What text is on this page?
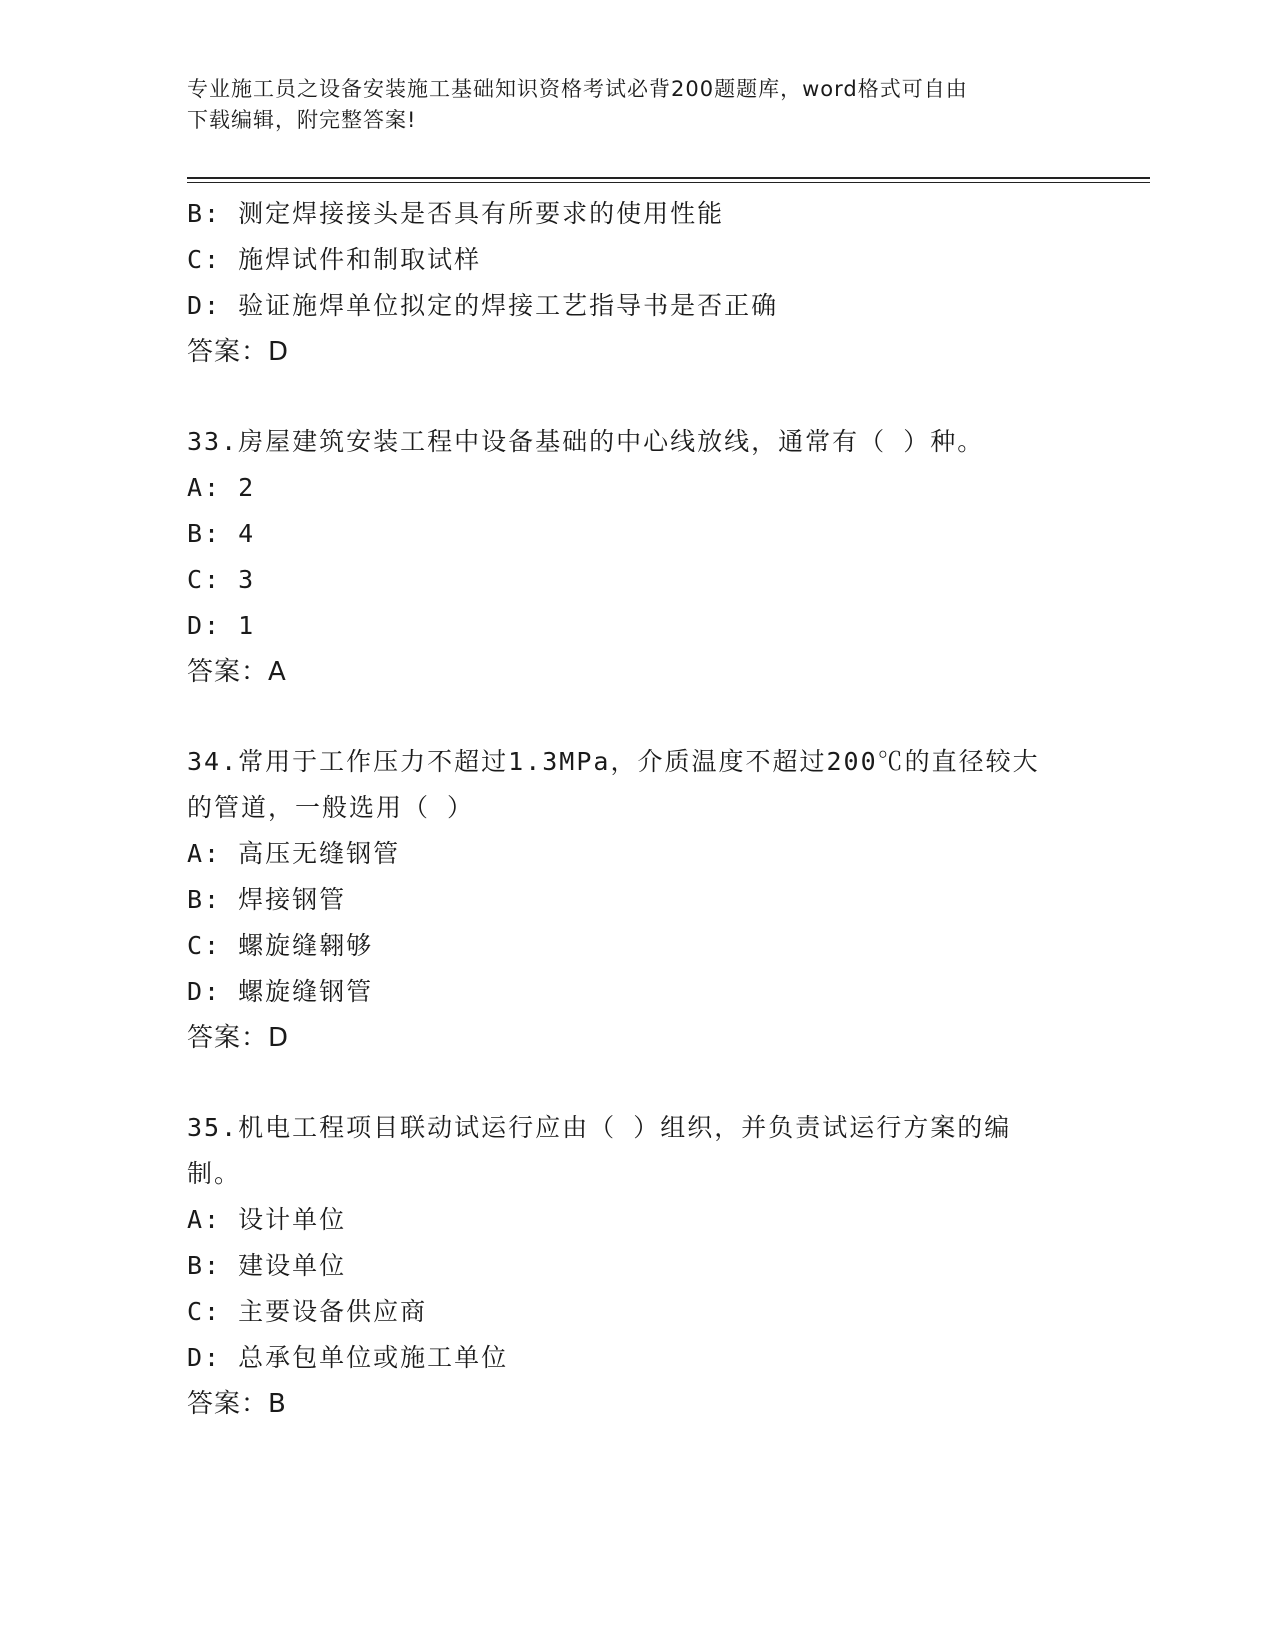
专业施工员之设备安装施工基础知识资格考试必背200题题库，word格式可自由
下载编辑，附完整答案!
B: 测定焊接接头是否具有所要求的使用性能
C: 施焊试件和制取试样
D: 验证施焊单位拟定的焊接工艺指导书是否正确
答案：D
33.房屋建筑安装工程中设备基础的中心线放线，通常有（ ）种。
A: 2
B: 4
C: 3
D: 1
答案：A
34.常用于工作压力不超过1.3MPa，介质温度不超过200℃的直径较大
的管道，一般选用（ ）
A: 高压无缝钢管
B: 焊接钢管
C: 螺旋缝翱够
D: 螺旋缝钢管
答案：D
35.机电工程项目联动试运行应由（ ）组织，并负责试运行方案的编
制。
A: 设计单位
B: 建设单位
C: 主要设备供应商
D: 总承包单位或施工单位
答案：B
